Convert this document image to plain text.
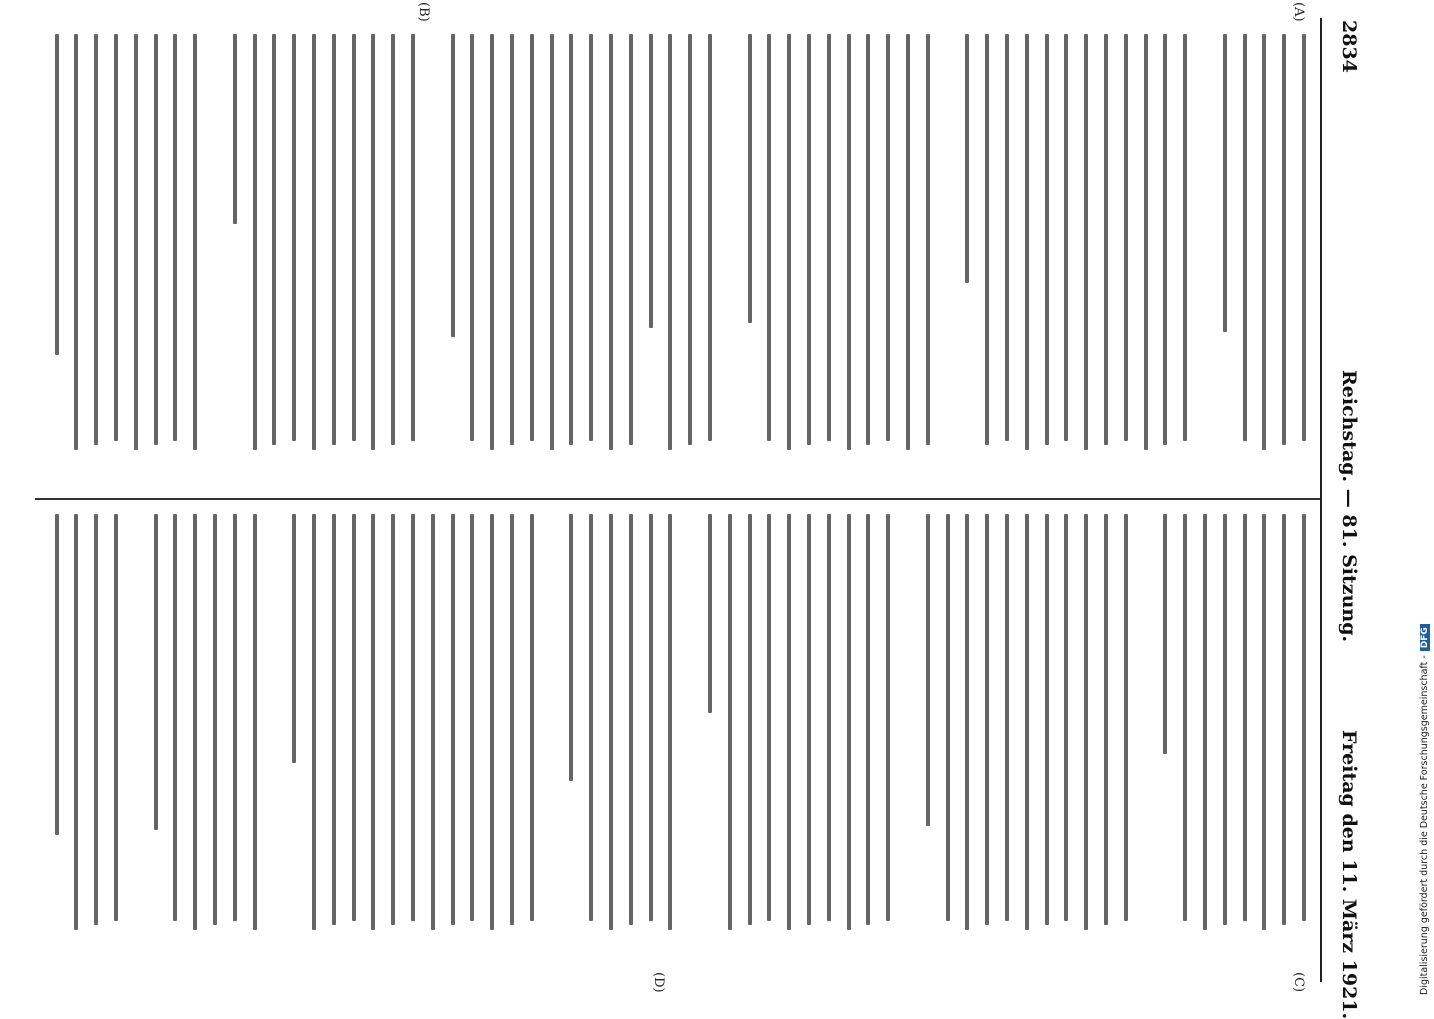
2834
Reichstag. — 81. Sitzung.
Freitag den 11. März 1921.
(A)
(B)
(C)
(D)	Digitalisierung gefördert durch die Deutsche Forschungsgemeinschaft -DFG
